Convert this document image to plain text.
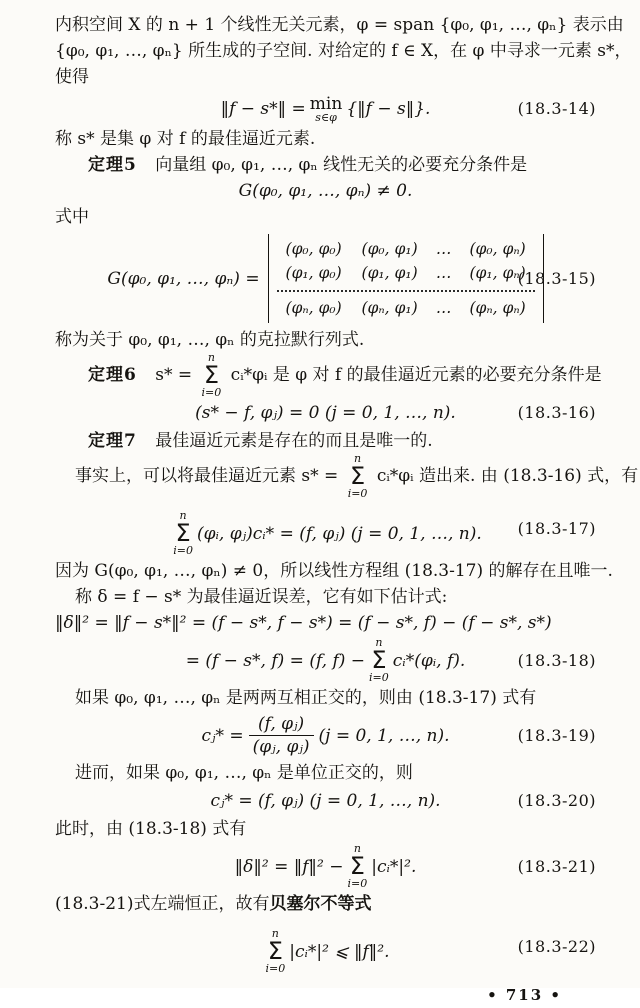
内积空间 X 的 n + 1 个线性无关元素，φ = span {φ₀, φ₁, …, φₙ} 表示由
{φ₀, φ₁, …, φₙ} 所生成的子空间. 对给定的 f ∈ X，在 φ 中寻求一元素 s*，
使得
‖f − s*‖ = min
s∈φ {‖f − s‖}.	(18.3-14)
称 s* 是集 φ 对 f 的最佳逼近元素.
定理5 向量组 φ₀, φ₁, …, φₙ 线性无关的必要充分条件是
G(φ₀, φ₁, …, φₙ) ≠ 0.
式中
G(φ₀, φ₁, …, φₙ) =
(φ₀, φ₀)	(φ₀, φ₁)	…	(φ₀, φₙ)
(φ₁, φ₀)	(φ₁, φ₁)	…	(φ₁, φₙ)
(φₙ, φ₀)	(φₙ, φ₁)	…	(φₙ, φₙ)
(18.3-15)
称为关于 φ₀, φ₁, …, φₙ 的克拉默行列式.
定理6 s* =
n
Σ
i=0
cᵢ*φᵢ 是 φ 对 f 的最佳逼近元素的必要充分条件是
(s* − f, φⱼ) = 0 (j = 0, 1, …, n).	(18.3-16)
定理7 最佳逼近元素是存在的而且是唯一的.
事实上，可以将最佳逼近元素 s* =
n
Σ
i=0
cᵢ*φᵢ 造出来. 由 (18.3-16) 式，有
n
Σ
i=0
(φᵢ, φⱼ)cᵢ* = (f, φⱼ) (j = 0, 1, …, n). (18.3-17)
因为 G(φ₀, φ₁, …, φₙ) ≠ 0，所以线性方程组 (18.3-17) 的解存在且唯一.
称 δ = f − s* 为最佳逼近误差，它有如下估计式:
‖δ‖² = ‖f − s*‖² = (f − s*, f − s*) = (f − s*, f) − (f − s*, s*)
= (f − s*, f) = (f, f) −
n
Σ
i=0
cᵢ*(φᵢ, f).	(18.3-18)
如果 φ₀, φ₁, …, φₙ 是两两互相正交的，则由 (18.3-17) 式有
cⱼ* = $\frac{\text{(f, φⱼ)}}{\text{(φⱼ, φⱼ)}} (j = 0$, 1, …, n).	(18.3-19)
进而，如果 φ₀, φ₁, …, φₙ 是单位正交的，则
cⱼ* = (f, φⱼ) (j = 0, 1, …, n).	(18.3-20)
此时，由 (18.3-18) 式有
‖δ‖² = ‖f‖² −
n
Σ
i=0
|cᵢ*|².	(18.3-21)
(18.3-21)式左端恒正，故有贝塞尔不等式
n
Σ
i=0
|cᵢ*|² ⩽ ‖f‖².	(18.3-22)
• 713 •
